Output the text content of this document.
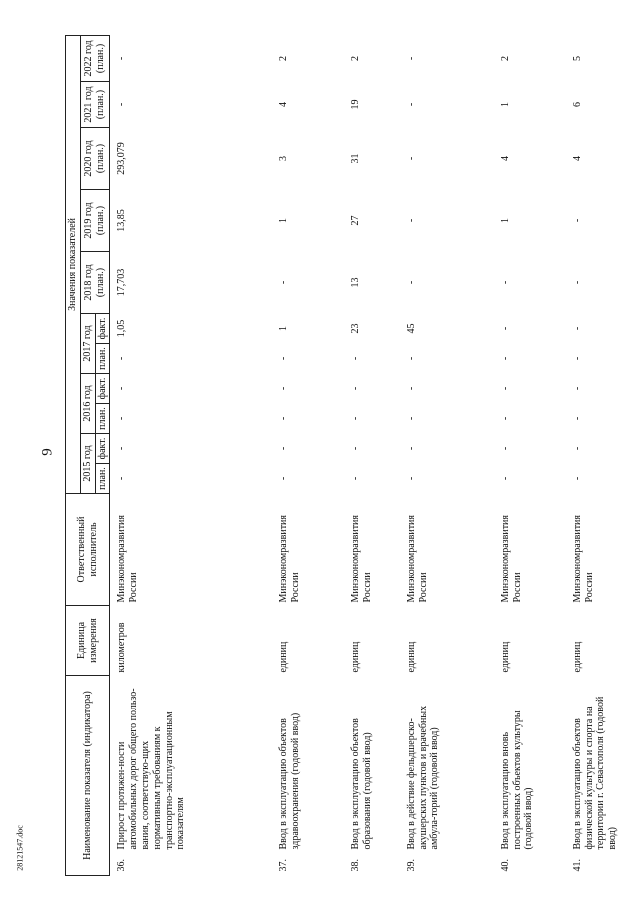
9
28121547.doc	Наименование показателя (индикатора)	Единица измерения	Ответственный исполнитель	Значения показателей										
			2015 год		2016 год		2017 год		2018 год (план.)	2019 год (план.)	2020 год (план.)	2021 год (план.)	2022 год (план.)
			план.	факт.	план.	факт.	план.	факт.					
36.Прирост протяжен-ности автомобильных дорог общего пользо-вания, соответствую-щих нормативным требованиям к транспортно-эксплуатационным показателям	километров	Минэкономразвития России	-	-	-	-	-	1,05	17,703	13,85	293,079	-	-
37.Ввод в эксплуатацию объектов здравоохранения (годовой ввод)	единиц	Минэкономразвития России	-	-	-	-	-	1	-	1	3	4	2
38.Ввод в эксплуатацию объектов образования (годовой ввод)	единиц	Минэкономразвития России	-	-	-	-	-	23	13	27	31	19	2
39.Ввод в действие фельдшерско-акушерских пунктов и врачебных амбула-торий (годовой ввод)	единиц	Минэкономразвития России	-	-	-	-	-	45	-	-	-	-	-
40.Ввод в эксплуатацию вновь построенных объектов культуры (годовой ввод)	единиц	Минэкономразвития России	-	-	-	-	-	-	-	1	4	1	2
41.Ввод в эксплуатацию объектов физической культуры и спорта на территории г. Севастополя (годовой ввод)	единиц	Минэкономразвития России	-	-	-	-	-	-	-	-	4	6	5
